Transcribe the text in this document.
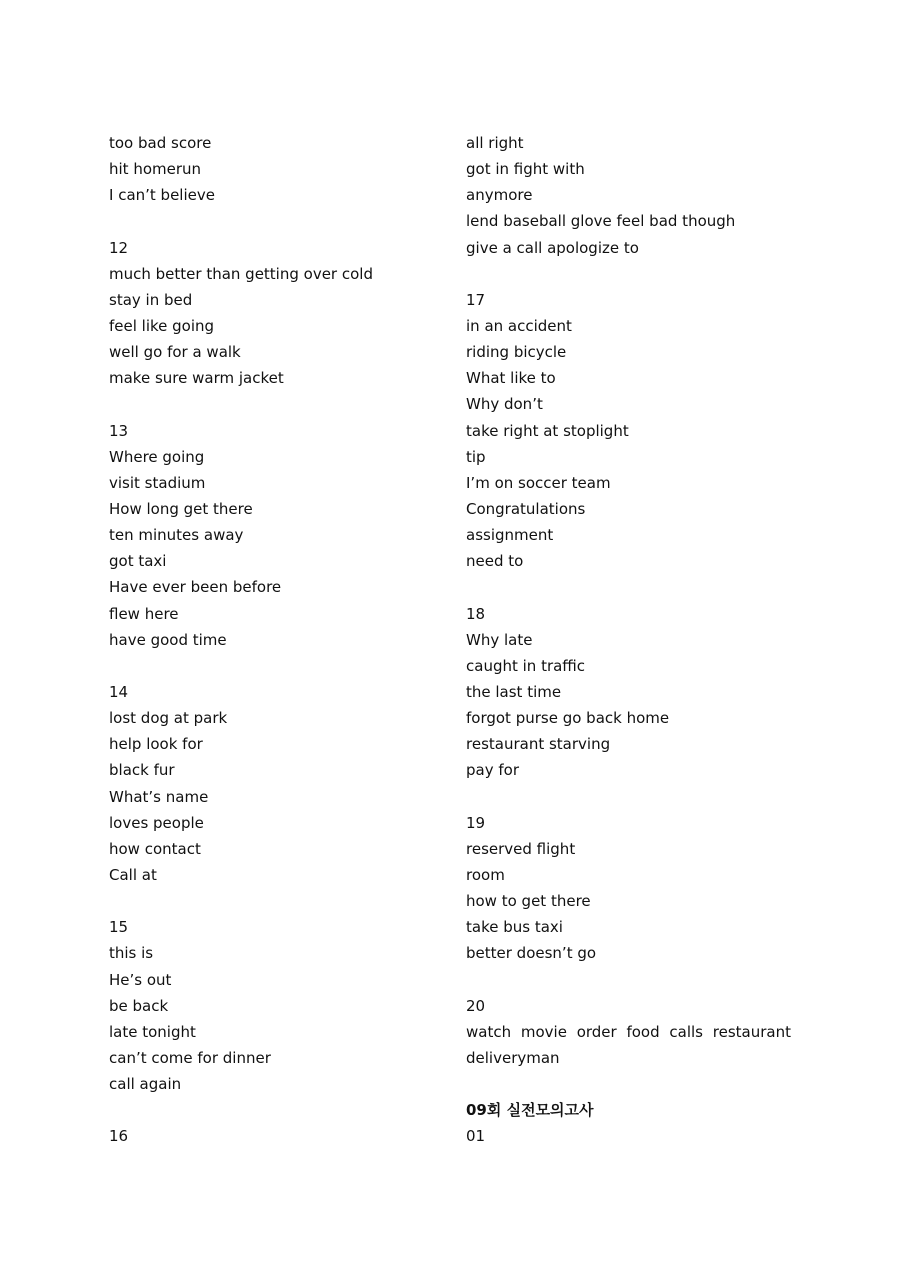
too bad score
hit homerun
I can’t believe
12
much better than getting over cold
stay in bed
feel like going
well go for a walk
make sure warm jacket
13
Where going
visit stadium
How long get there
ten minutes away
got taxi
Have ever been before
flew here
have good time
14
lost dog at park
help look for
black fur
What’s name
loves people
how contact
Call at
15
this is
He’s out
be back
late tonight
can’t come for dinner
call again
16
all right
got in fight with
anymore
lend baseball glove feel bad though
give a call apologize to
17
in an accident
riding bicycle
What like to
Why don’t
take right at stoplight
tip
I’m on soccer team
Congratulations
assignment
need to
18
Why late
caught in traffic
the last time
forgot purse go back home
restaurant starving
pay for
19
reserved flight
room
how to get there
take bus taxi
better doesn’t go
20
watch movie order food calls restaurant
deliveryman
09회 실전모의고사
01
